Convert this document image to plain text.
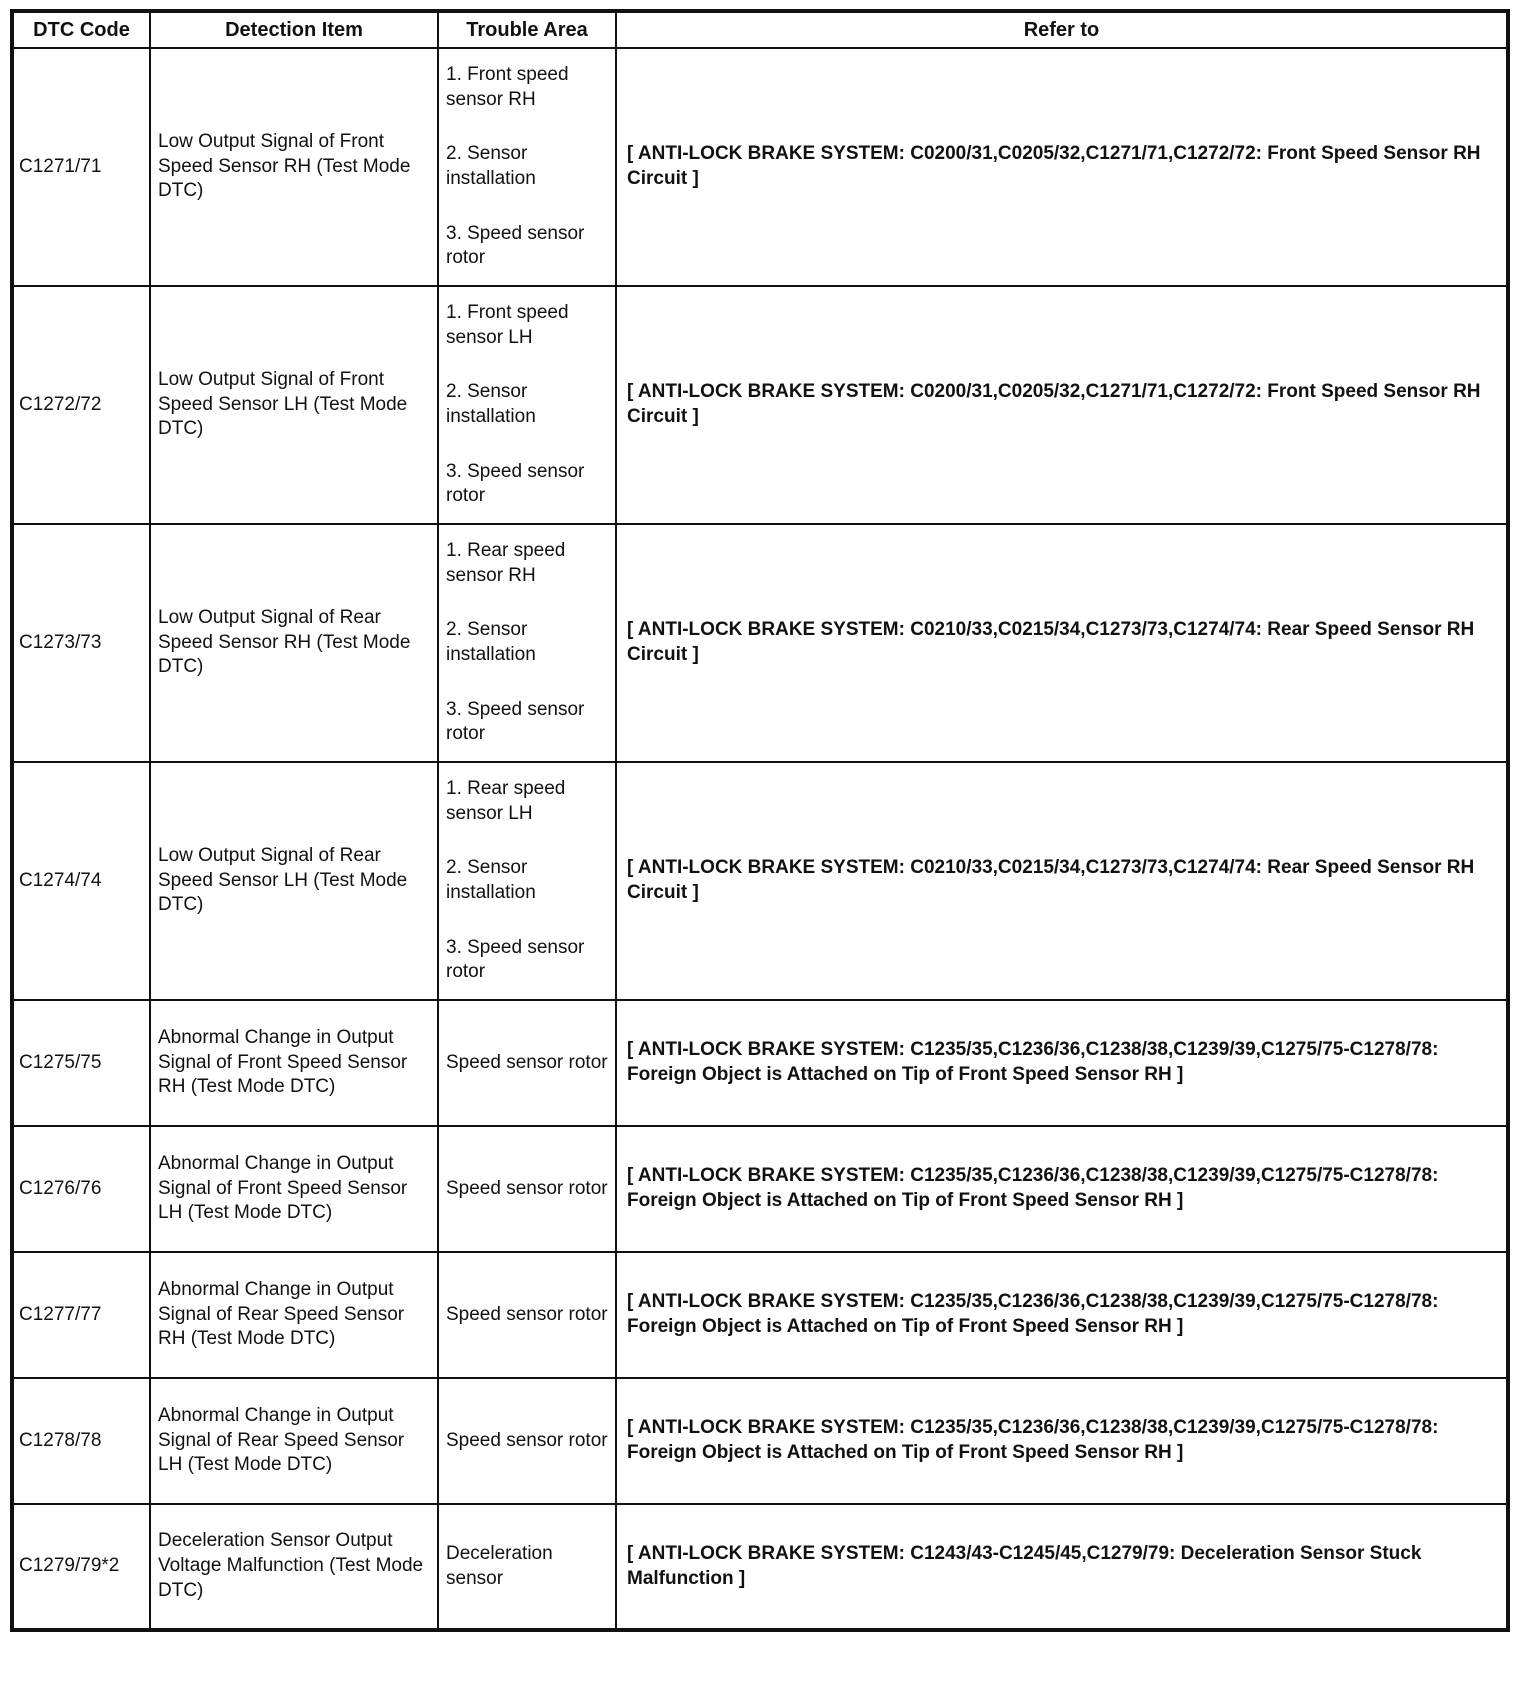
DTC Code	Detection Item	Trouble Area	Refer to
C1271/71	Low Output Signal of Front Speed Sensor RH (Test Mode DTC)	1. Front speed sensor RH
2. Sensor installation
3. Speed sensor rotor	[ ANTI-LOCK BRAKE SYSTEM: C0200/31,C0205/32,C1271/71,C1272/72: Front Speed Sensor RH Circuit ]
C1272/72	Low Output Signal of Front Speed Sensor LH (Test Mode DTC)	1. Front speed sensor LH
2. Sensor installation
3. Speed sensor rotor	[ ANTI-LOCK BRAKE SYSTEM: C0200/31,C0205/32,C1271/71,C1272/72: Front Speed Sensor RH Circuit ]
C1273/73	Low Output Signal of Rear Speed Sensor RH (Test Mode DTC)	1. Rear speed sensor RH
2. Sensor installation
3. Speed sensor rotor	[ ANTI-LOCK BRAKE SYSTEM: C0210/33,C0215/34,C1273/73,C1274/74: Rear Speed Sensor RH Circuit ]
C1274/74	Low Output Signal of Rear Speed Sensor LH (Test Mode DTC)	1. Rear speed sensor LH
2. Sensor installation
3. Speed sensor rotor	[ ANTI-LOCK BRAKE SYSTEM: C0210/33,C0215/34,C1273/73,C1274/74: Rear Speed Sensor RH Circuit ]
C1275/75	Abnormal Change in Output Signal of Front Speed Sensor RH (Test Mode DTC)	Speed sensor rotor	[ ANTI-LOCK BRAKE SYSTEM: C1235/35,C1236/36,C1238/38,C1239/39,C1275/75-C1278/78: Foreign Object is Attached on Tip of Front Speed Sensor RH ]
C1276/76	Abnormal Change in Output Signal of Front Speed Sensor LH (Test Mode DTC)	Speed sensor rotor	[ ANTI-LOCK BRAKE SYSTEM: C1235/35,C1236/36,C1238/38,C1239/39,C1275/75-C1278/78: Foreign Object is Attached on Tip of Front Speed Sensor RH ]
C1277/77	Abnormal Change in Output Signal of Rear Speed Sensor RH (Test Mode DTC)	Speed sensor rotor	[ ANTI-LOCK BRAKE SYSTEM: C1235/35,C1236/36,C1238/38,C1239/39,C1275/75-C1278/78: Foreign Object is Attached on Tip of Front Speed Sensor RH ]
C1278/78	Abnormal Change in Output Signal of Rear Speed Sensor LH (Test Mode DTC)	Speed sensor rotor	[ ANTI-LOCK BRAKE SYSTEM: C1235/35,C1236/36,C1238/38,C1239/39,C1275/75-C1278/78: Foreign Object is Attached on Tip of Front Speed Sensor RH ]
C1279/79*2	Deceleration Sensor Output Voltage Malfunction (Test Mode DTC)	Deceleration sensor	[ ANTI-LOCK BRAKE SYSTEM: C1243/43-C1245/45,C1279/79: Deceleration Sensor Stuck Malfunction ]
